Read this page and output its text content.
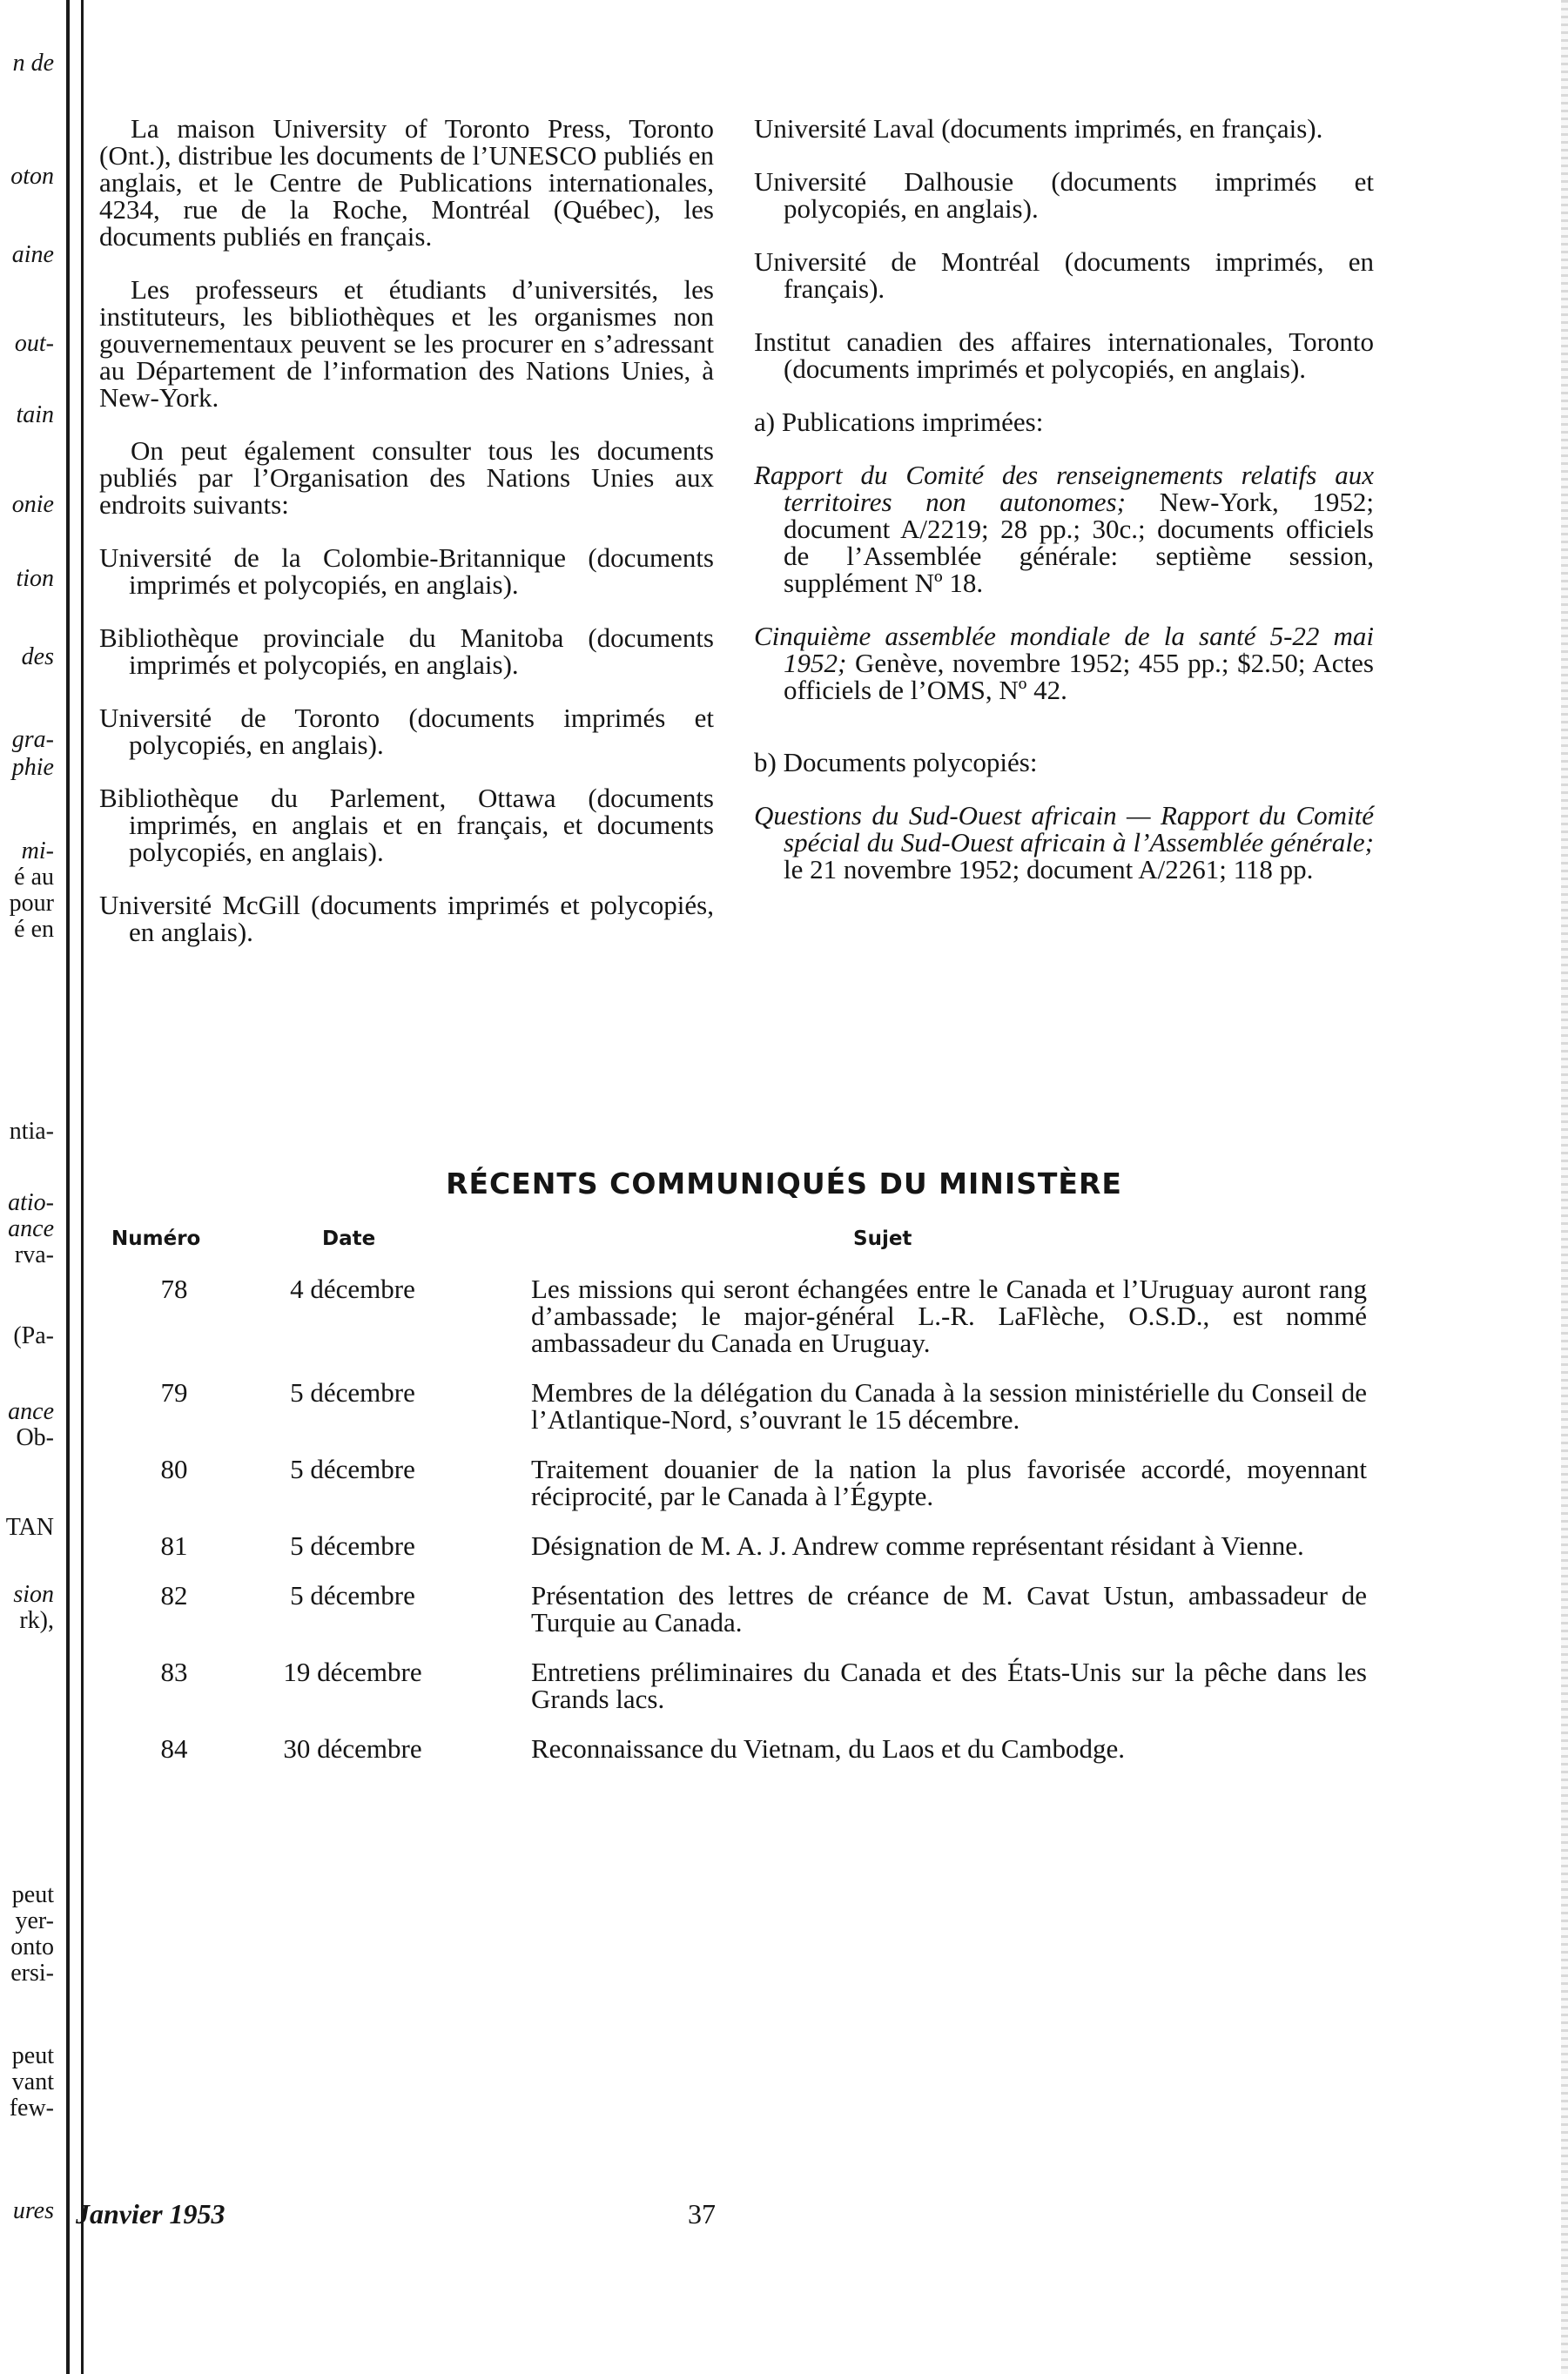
n de
oton
aine
out-
tain
onie
tion
des
gra-
phie
mi-
é au
pour
é en
ntia-
atio-
ance
rva-
(Pa-
ance
Ob-
TAN
sion
rk),
peut
yer-
onto
ersi-
peut
vant
few-
ures

La maison University of Toronto Press, Toronto (Ont.), distribue les documents de l’UNESCO publiés en anglais, et le Centre de Publications internationales, 4234, rue de la Roche, Montréal (Québec), les documents publiés en français.

Les professeurs et étudiants d’universités, les instituteurs, les bibliothèques et les organismes non gouvernementaux peuvent se les procurer en s’adressant au Département de l’information des Nations Unies, à New-York.

On peut également consulter tous les documents publiés par l’Organisation des Nations Unies aux endroits suivants:

Université de la Colombie-Britannique (documents imprimés et polycopiés, en anglais).

Bibliothèque provinciale du Manitoba (documents imprimés et polycopiés, en anglais).

Université de Toronto (documents imprimés et polycopiés, en anglais).

Bibliothèque du Parlement, Ottawa (documents imprimés, en anglais et en français, et documents polycopiés, en anglais).

Université McGill (documents imprimés et polycopiés, en anglais).

Université Laval (documents imprimés, en français).

Université Dalhousie (documents imprimés et polycopiés, en anglais).

Université de Montréal (documents imprimés, en français).

Institut canadien des affaires internationales, Toronto (documents imprimés et polycopiés, en anglais).

a) Publications imprimées:

Rapport du Comité des renseignements relatifs aux territoires non autonomes; New-York, 1952; document A/2219; 28 pp.; 30c.; documents officiels de l’Assemblée générale: septième session, supplément Nº 18.

Cinquième assemblée mondiale de la santé 5-22 mai 1952; Genève, novembre 1952; 455 pp.; $2.50; Actes officiels de l’OMS, Nº 42.

b) Documents polycopiés:

Questions du Sud-Ouest africain — Rapport du Comité spécial du Sud-Ouest africain à l’Assemblée générale; le 21 novembre 1952; document A/2261; 118 pp.

RÉCENTS COMMUNIQUÉS DU MINISTÈRE
Numéro	Date	Sujet
78	4 décembre	Les missions qui seront échangées entre le Canada et l’Uruguay auront rang d’ambassade; le major-général L.-R. LaFlèche, O.S.D., est nommé ambassadeur du Canada en Uruguay.
79	5 décembre	Membres de la délégation du Canada à la session ministérielle du Conseil de l’Atlantique-Nord, s’ouvrant le 15 décembre.
80	5 décembre	Traitement douanier de la nation la plus favorisée accordé, moyennant réciprocité, par le Canada à l’Égypte.
81	5 décembre	Désignation de M. A. J. Andrew comme représentant résidant à Vienne.
82	5 décembre	Présentation des lettres de créance de M. Cavat Ustun, ambassadeur de Turquie au Canada.
83	19 décembre	Entretiens préliminaires du Canada et des États-Unis sur la pêche dans les Grands lacs.
84	30 décembre	Reconnaissance du Vietnam, du Laos et du Cambodge.
Janvier 1953	37
